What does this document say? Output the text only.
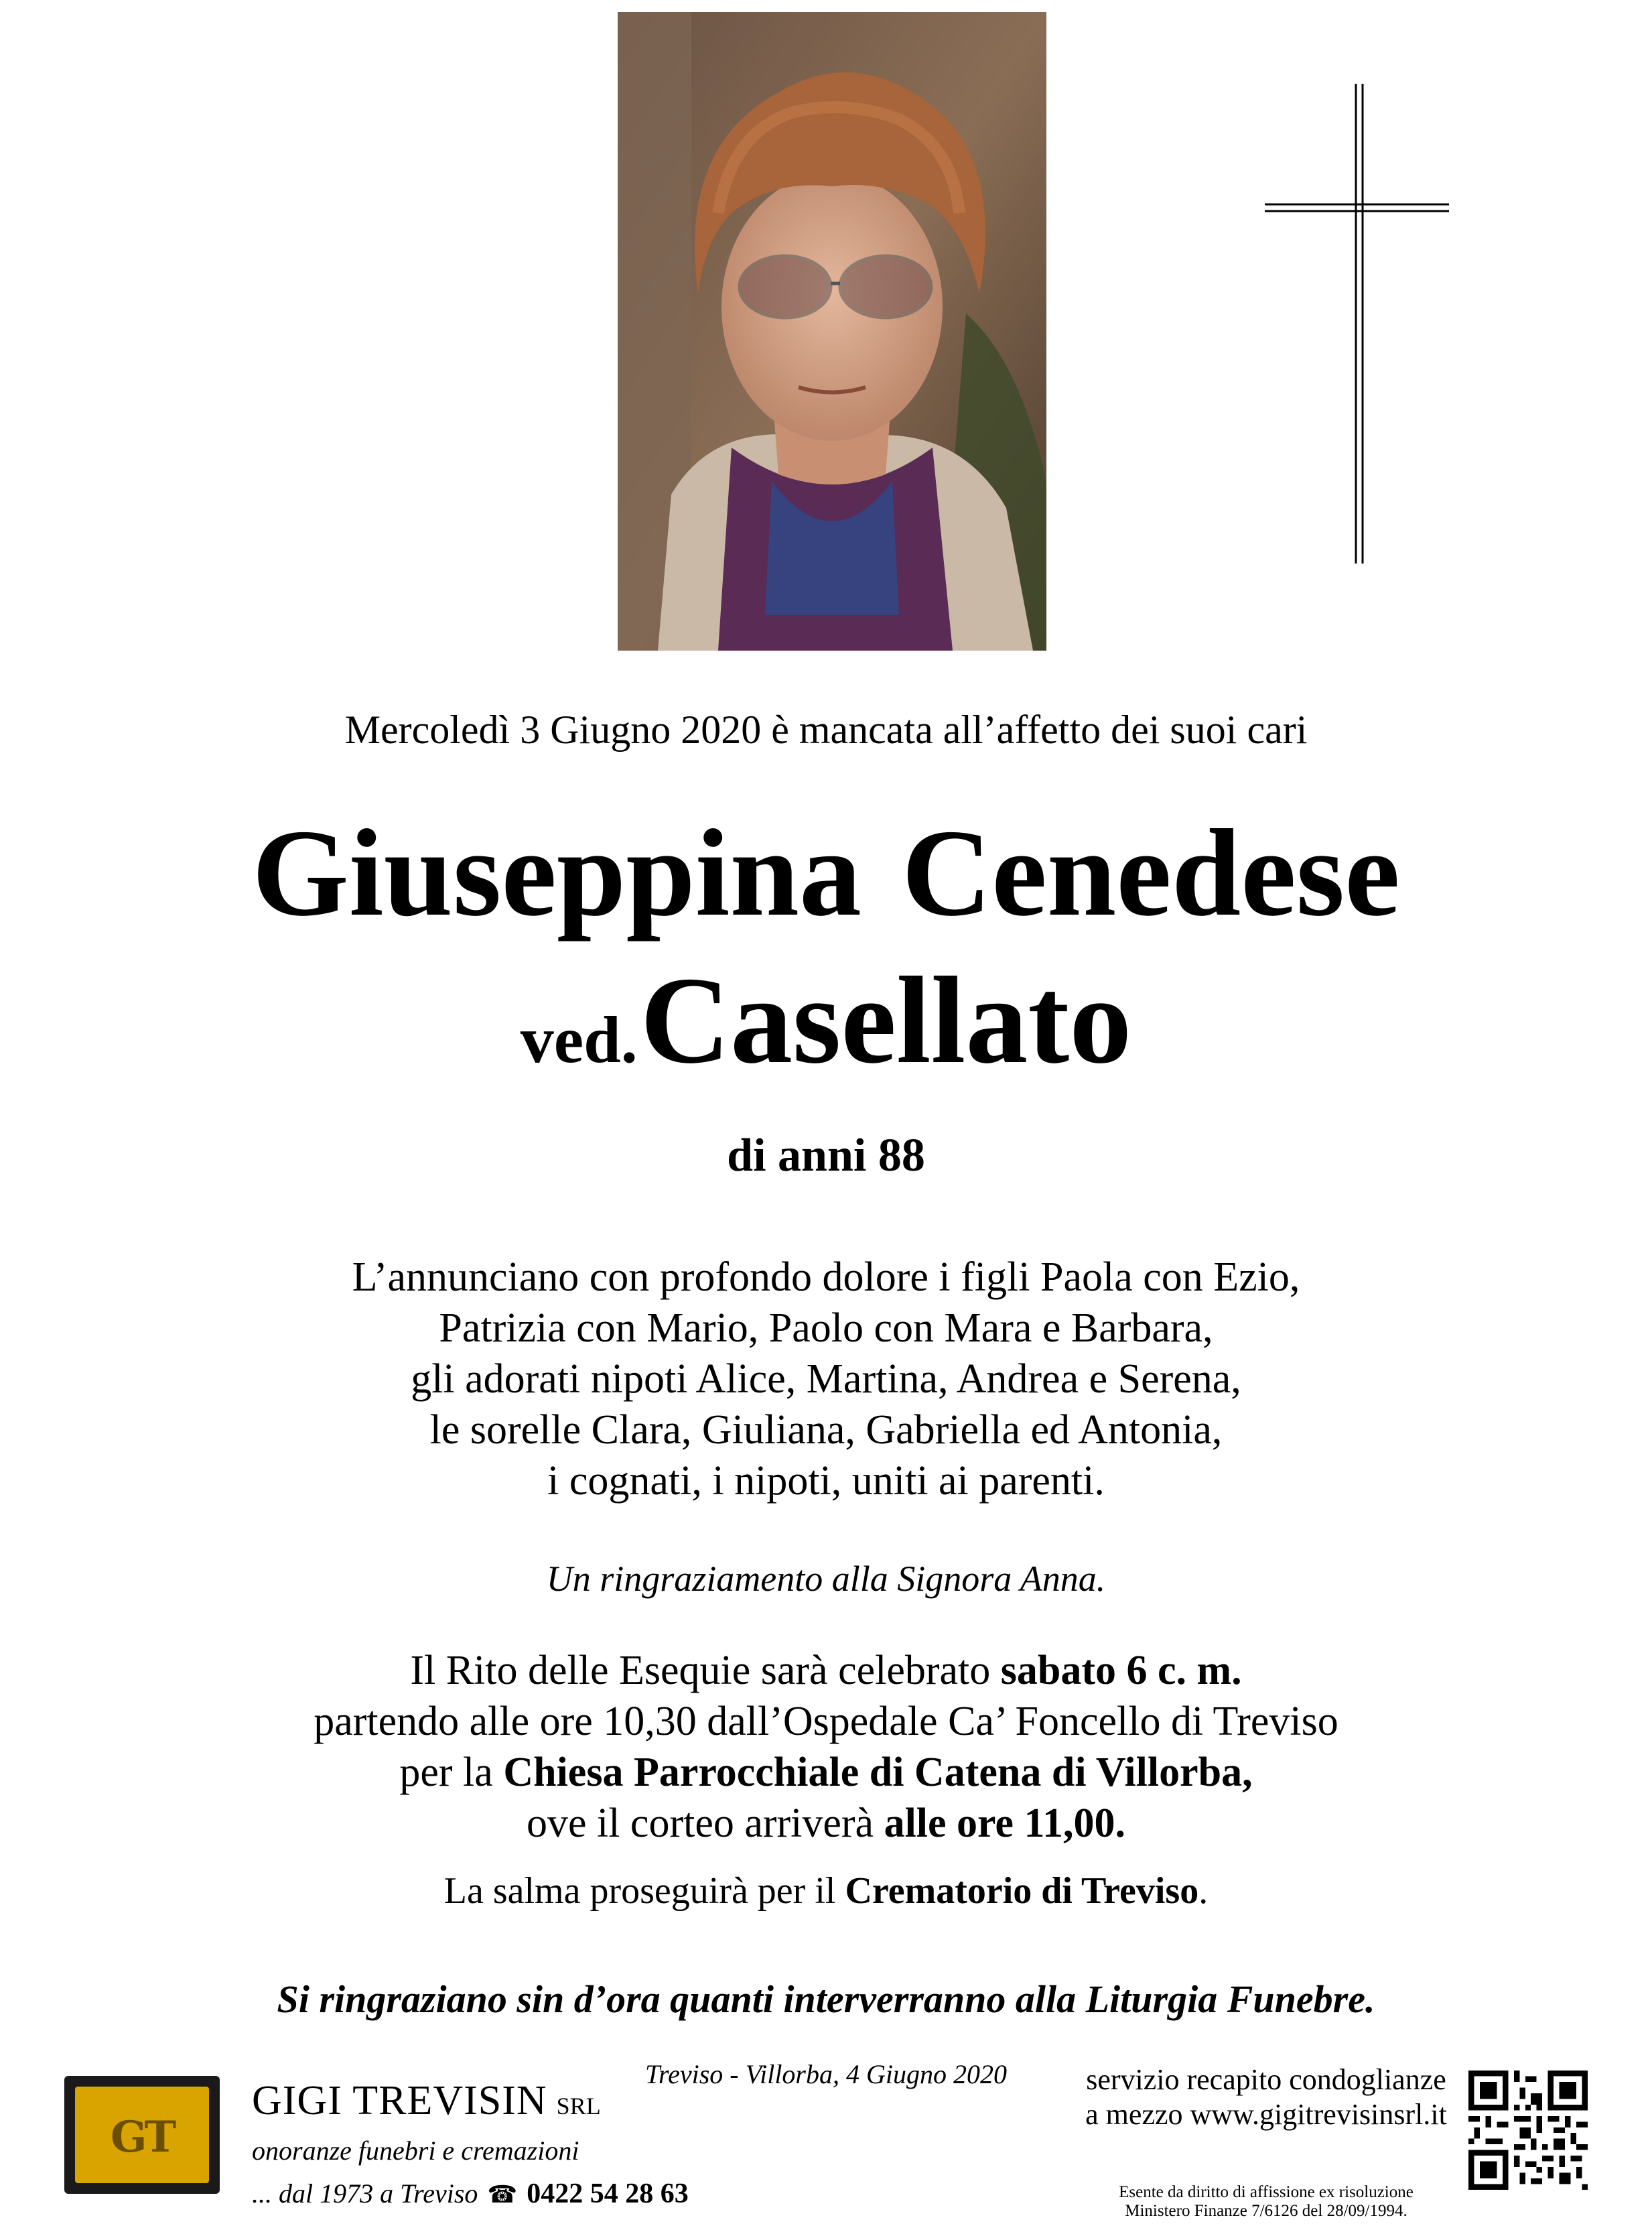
Mercoledì 3 Giugno 2020 è mancata all’affetto dei suoi cari
Giuseppina Cenedese
ved. Casellato
di anni 88
L’annunciano con profondo dolore i figli Paola con Ezio,
Patrizia con Mario, Paolo con Mara e Barbara,
gli adorati nipoti Alice, Martina, Andrea e Serena,
le sorelle Clara, Giuliana, Gabriella ed Antonia,
i cognati, i nipoti, uniti ai parenti.
Un ringraziamento alla Signora Anna.
Il Rito delle Esequie sarà celebrato sabato 6 c. m.
partendo alle ore 10,30 dall’Ospedale Ca’ Foncello di Treviso
per la Chiesa Parrocchiale di Catena di Villorba,
ove il corteo arriverà alle ore 11,00.
La salma proseguirà per il Crematorio di Treviso.
Si ringraziano sin d’ora quanti interverranno alla Liturgia Funebre.
Treviso - Villorba, 4 Giugno 2020
GT
GIGI TREVISIN SRL
onoranze funebri e cremazioni
... dal 1973 a Treviso ☎ 0422 54 28 63
servizio recapito condoglianze
a mezzo www.gigitrevisinsrl.it
Esente da diritto di affissione ex risoluzione
Ministero Finanze 7/6126 del 28/09/1994.
